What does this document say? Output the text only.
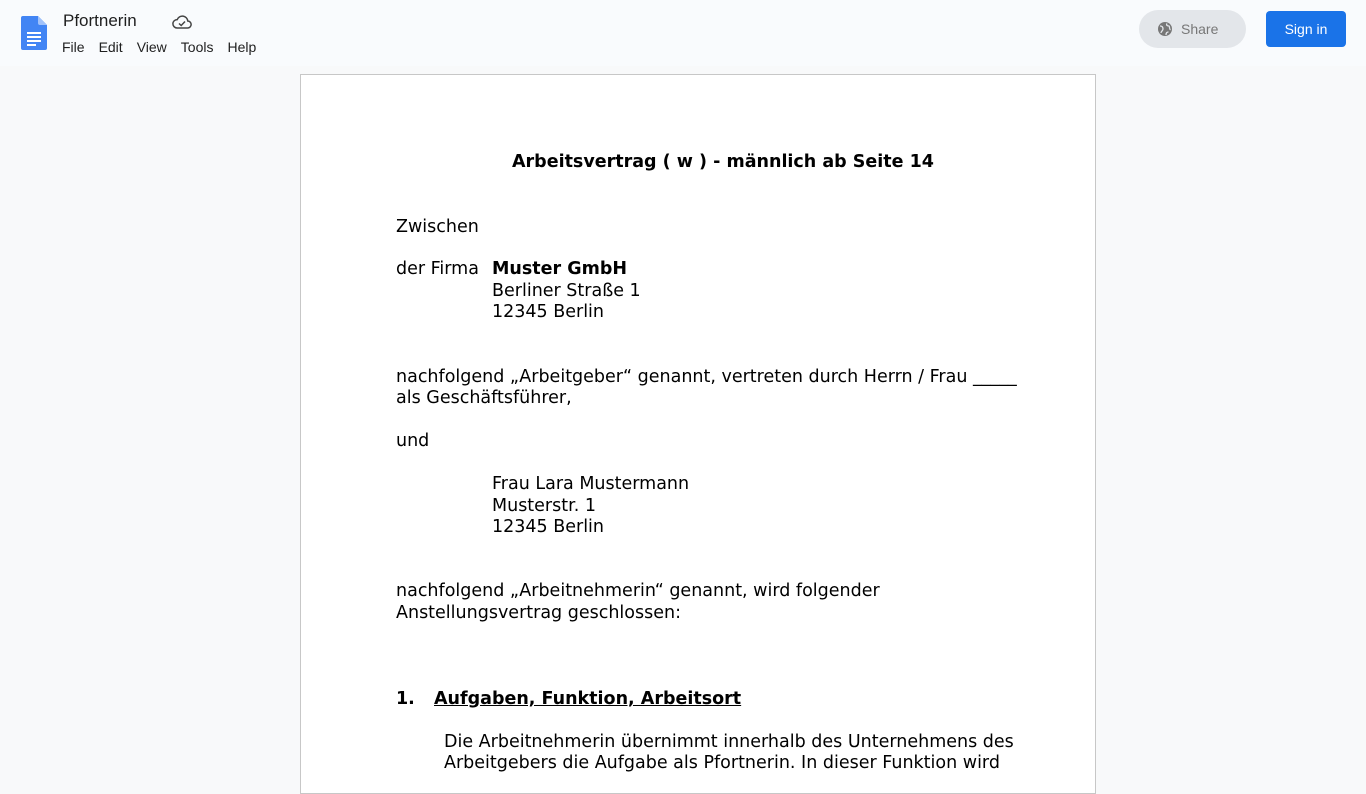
Pfortnerin
File	Edit	View	Tools	Help
Share	Sign in
Arbeitsvertrag ( w ) - männlich ab Seite 14
Zwischen
der Firma Muster GmbH
Berliner Straße 1
12345 Berlin
nachfolgend „Arbeitgeber“ genannt, vertreten durch Herrn / Frau _____
als Geschäftsführer,
und
Frau Lara Mustermann
Musterstr. 1
12345 Berlin
nachfolgend „Arbeitnehmerin“ genannt, wird folgender
Anstellungsvertrag geschlossen:
1. Aufgaben, Funktion, Arbeitsort
Die Arbeitnehmerin übernimmt innerhalb des Unternehmens des
Arbeitgebers die Aufgabe als Pfortnerin. In dieser Funktion wird
